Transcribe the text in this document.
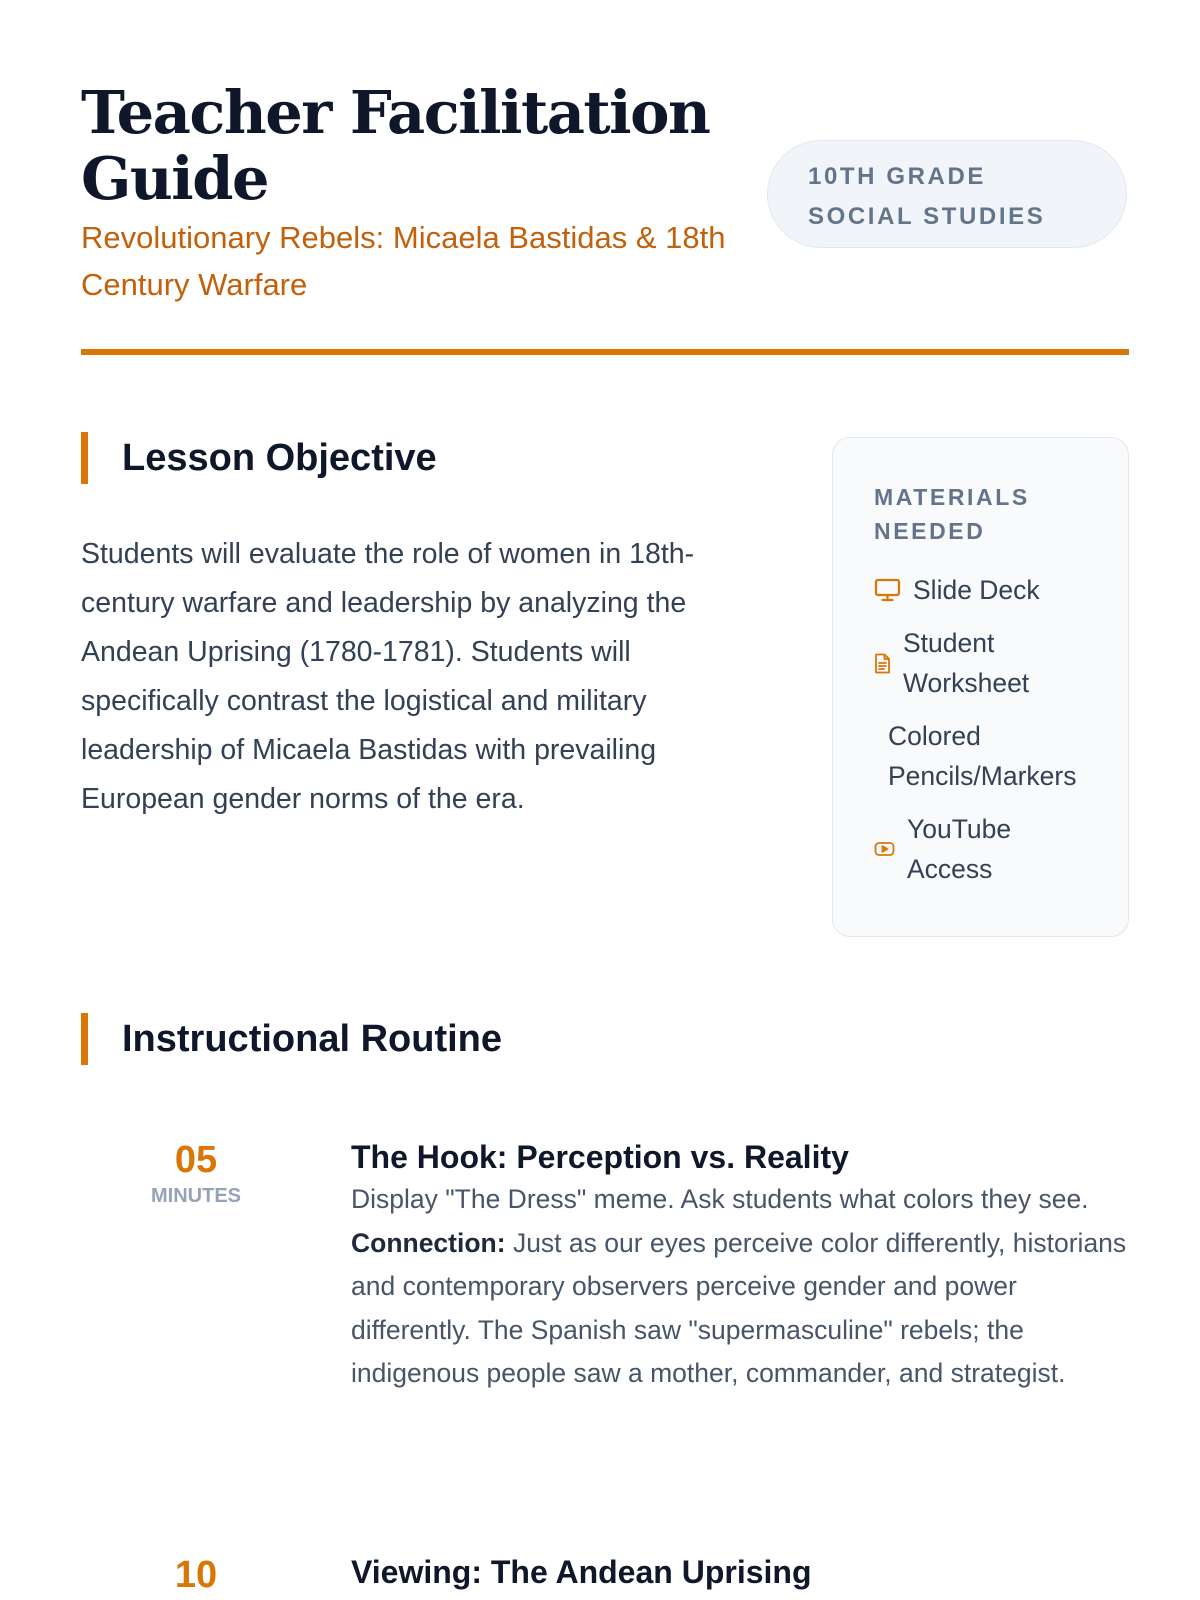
Teacher Facilitation Guide

Revolutionary Rebels: Micaela Bastidas & 18th Century Warfare

10TH GRADE
SOCIAL STUDIES
Lesson Objective

Students will evaluate the role of women in 18th-century warfare and leadership by analyzing the Andean Uprising (1780-1781). Students will specifically contrast the logistical and military leadership of Micaela Bastidas with prevailing European gender norms of the era.

MATERIALS NEEDED
Slide Deck
Student Worksheet
Colored Pencils/Markers
YouTube Access
Instructional Routine
05
MINUTES
The Hook: Perception vs. Reality

Display "The Dress" meme. Ask students what colors they see. Connection: Just as our eyes perceive color differently, historians and contemporary observers perceive gender and power differently. The Spanish saw "supermasculine" rebels; the indigenous people saw a mother, commander, and strategist.

10	Viewing: The Andean Uprising
